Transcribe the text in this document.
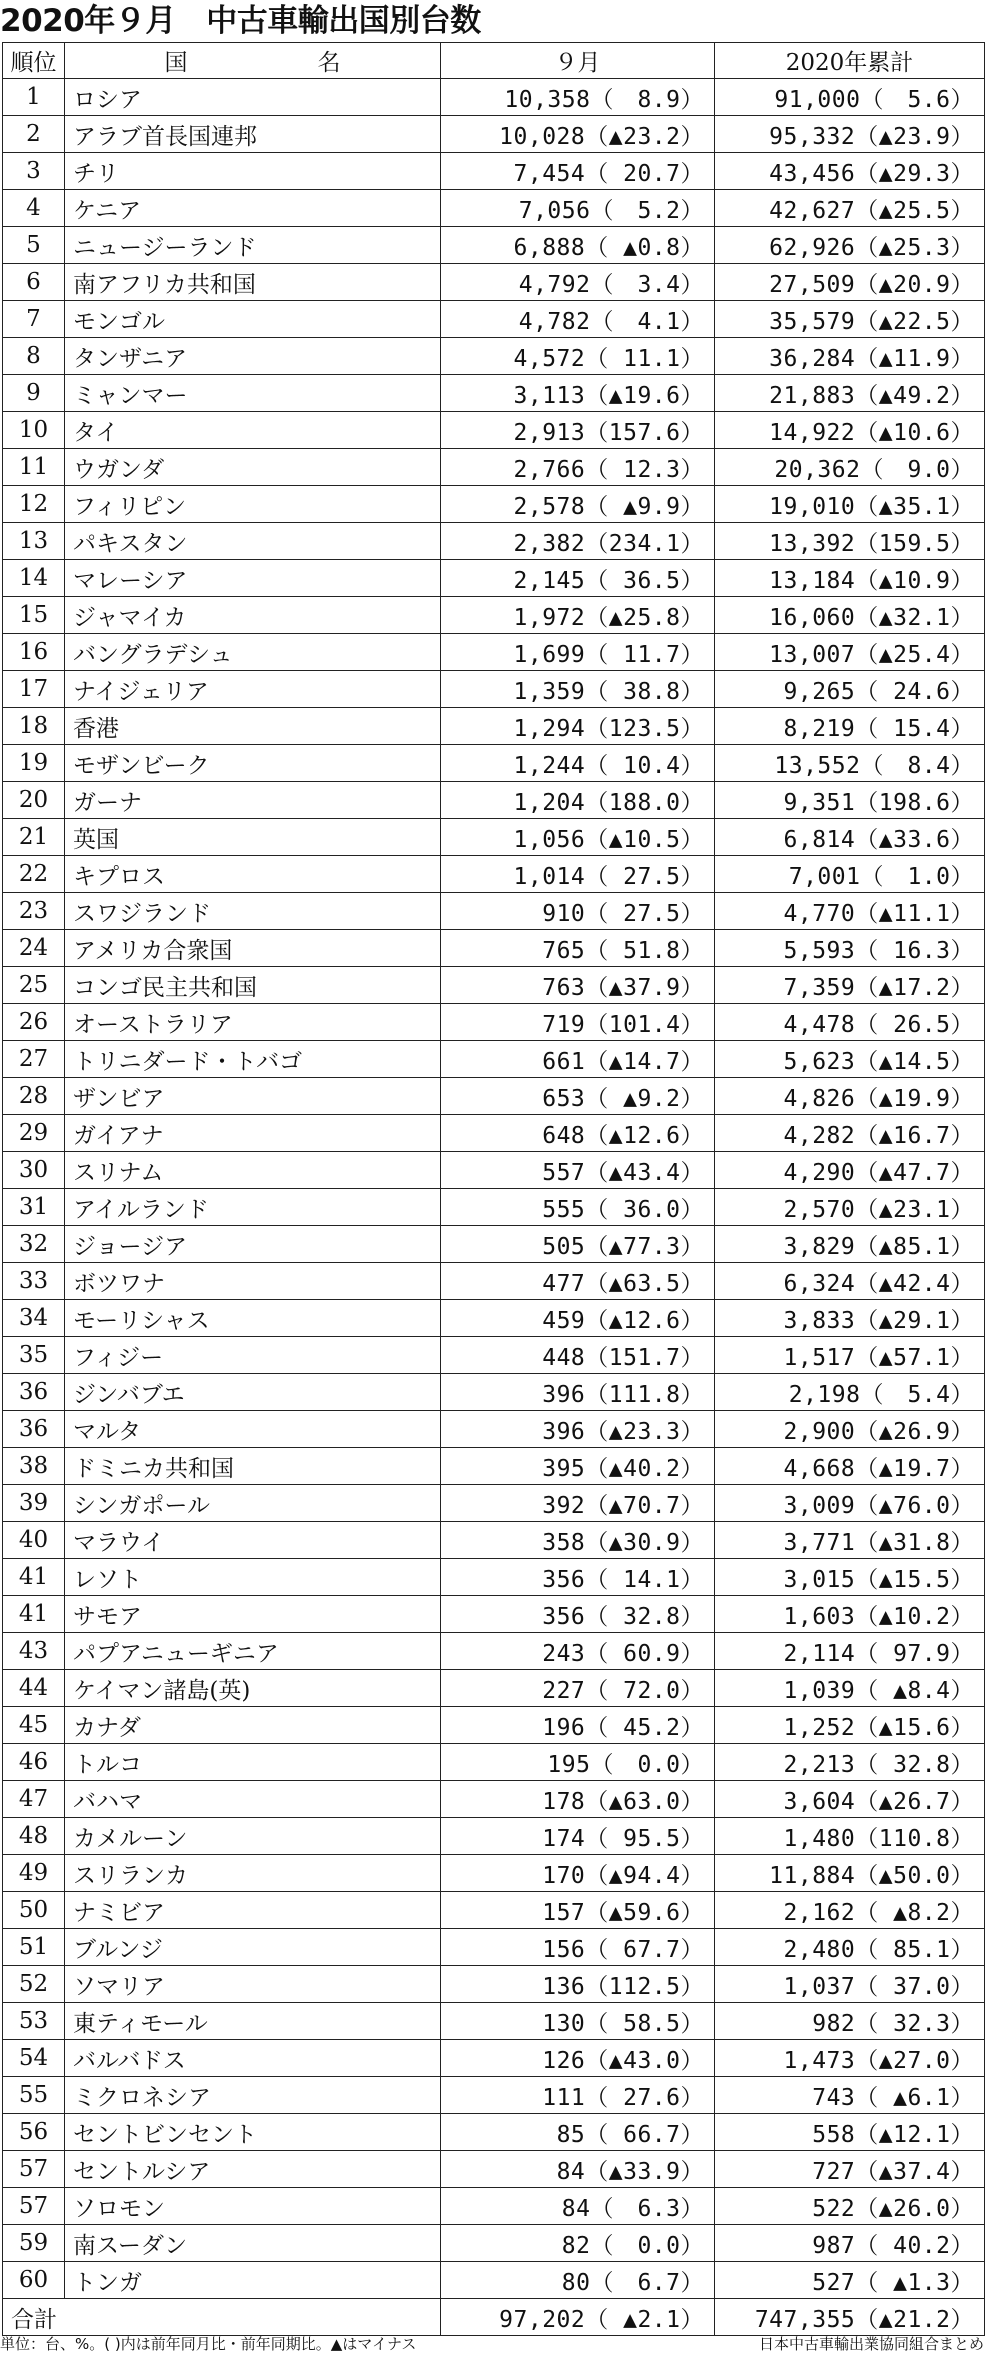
2020年９月　中古車輸出国別台数
順位	国 名	９月	2020年累計
1	ロシア	10,358（　8.9）	91,000（　5.6）
2	アラブ首長国連邦	10,028（▲23.2）	95,332（▲23.9）
3	チリ	7,454（ 20.7）	43,456（▲29.3）
4	ケニア	7,056（　5.2）	42,627（▲25.5）
5	ニュージーランド	6,888（ ▲0.8）	62,926（▲25.3）
6	南アフリカ共和国	4,792（　3.4）	27,509（▲20.9）
7	モンゴル	4,782（　4.1）	35,579（▲22.5）
8	タンザニア	4,572（ 11.1）	36,284（▲11.9）
9	ミャンマー	3,113（▲19.6）	21,883（▲49.2）
10	タイ	2,913（157.6）	14,922（▲10.6）
11	ウガンダ	2,766（ 12.3）	20,362（　9.0）
12	フィリピン	2,578（ ▲9.9）	19,010（▲35.1）
13	パキスタン	2,382（234.1）	13,392（159.5）
14	マレーシア	2,145（ 36.5）	13,184（▲10.9）
15	ジャマイカ	1,972（▲25.8）	16,060（▲32.1）
16	バングラデシュ	1,699（ 11.7）	13,007（▲25.4）
17	ナイジェリア	1,359（ 38.8）	9,265（ 24.6）
18	香港	1,294（123.5）	8,219（ 15.4）
19	モザンビーク	1,244（ 10.4）	13,552（　8.4）
20	ガーナ	1,204（188.0）	9,351（198.6）
21	英国	1,056（▲10.5）	6,814（▲33.6）
22	キプロス	1,014（ 27.5）	7,001（　1.0）
23	スワジランド	910（ 27.5）	4,770（▲11.1）
24	アメリカ合衆国	765（ 51.8）	5,593（ 16.3）
25	コンゴ民主共和国	763（▲37.9）	7,359（▲17.2）
26	オーストラリア	719（101.4）	4,478（ 26.5）
27	トリニダード・トバゴ	661（▲14.7）	5,623（▲14.5）
28	ザンビア	653（ ▲9.2）	4,826（▲19.9）
29	ガイアナ	648（▲12.6）	4,282（▲16.7）
30	スリナム	557（▲43.4）	4,290（▲47.7）
31	アイルランド	555（ 36.0）	2,570（▲23.1）
32	ジョージア	505（▲77.3）	3,829（▲85.1）
33	ボツワナ	477（▲63.5）	6,324（▲42.4）
34	モーリシャス	459（▲12.6）	3,833（▲29.1）
35	フィジー	448（151.7）	1,517（▲57.1）
36	ジンバブエ	396（111.8）	2,198（　5.4）
36	マルタ	396（▲23.3）	2,900（▲26.9）
38	ドミニカ共和国	395（▲40.2）	4,668（▲19.7）
39	シンガポール	392（▲70.7）	3,009（▲76.0）
40	マラウイ	358（▲30.9）	3,771（▲31.8）
41	レソト	356（ 14.1）	3,015（▲15.5）
41	サモア	356（ 32.8）	1,603（▲10.2）
43	パプアニューギニア	243（ 60.9）	2,114（ 97.9）
44	ケイマン諸島(英)	227（ 72.0）	1,039（ ▲8.4）
45	カナダ	196（ 45.2）	1,252（▲15.6）
46	トルコ	195（　0.0）	2,213（ 32.8）
47	バハマ	178（▲63.0）	3,604（▲26.7）
48	カメルーン	174（ 95.5）	1,480（110.8）
49	スリランカ	170（▲94.4）	11,884（▲50.0）
50	ナミビア	157（▲59.6）	2,162（ ▲8.2）
51	ブルンジ	156（ 67.7）	2,480（ 85.1）
52	ソマリア	136（112.5）	1,037（ 37.0）
53	東ティモール	130（ 58.5）	982（ 32.3）
54	バルバドス	126（▲43.0）	1,473（▲27.0）
55	ミクロネシア	111（ 27.6）	743（ ▲6.1）
56	セントビンセント	85（ 66.7）	558（▲12.1）
57	セントルシア	84（▲33.9）	727（▲37.4）
57	ソロモン	84（　6.3）	522（▲26.0）
59	南スーダン	82（　0.0）	987（ 40.2）
60	トンガ	80（　6.7）	527（ ▲1.3）
合計		97,202（ ▲2.1）	747,355（▲21.2）
単位：台、%。( )内は前年同月比・前年同期比。▲はマイナス	日本中古車輸出業協同組合まとめ
